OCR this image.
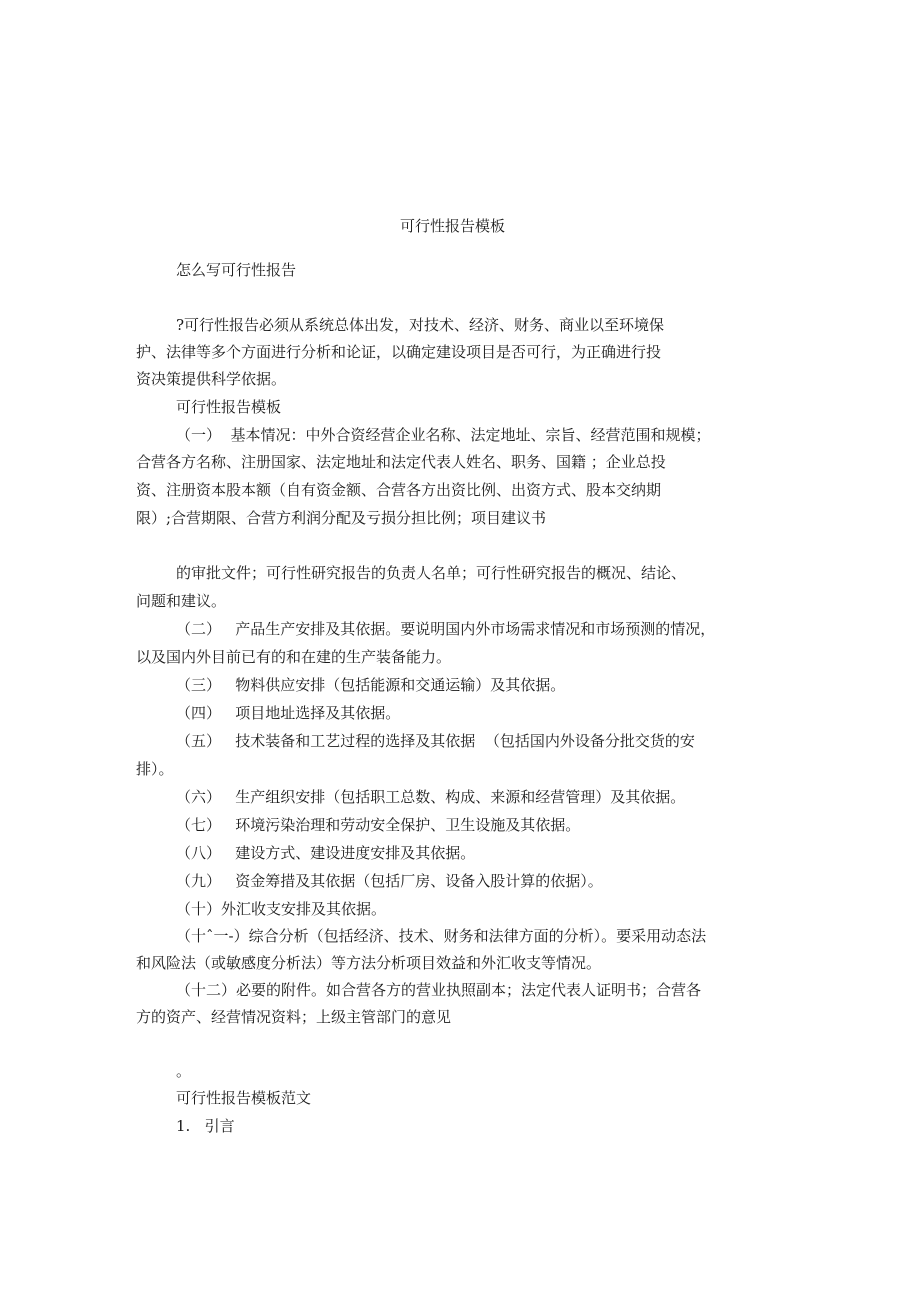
可行性报告模板
怎么写可行性报告
?可行性报告必须从系统总体出发，对技术、经济、财务、商业以至环境保
护、法律等多个方面进行分析和论证，以确定建设项目是否可行，为正确进行投
资决策提供科学依据。
可行性报告模板
（一）  基本情况：中外合资经营企业名称、法定地址、宗旨、经营范围和规模；
合营各方名称、注册国家、法定地址和法定代表人姓名、职务、国籍 ；企业总投
资、注册资本股本额（自有资金额、合营各方出资比例、出资方式、股本交纳期
限）;合营期限、合营方利润分配及亏损分担比例；项目建议书
的审批文件；可行性研究报告的负责人名单；可行性研究报告的概况、结论、
问题和建议。
（二）   产品生产安排及其依据。要说明国内外市场需求情况和市场预测的情况，
以及国内外目前已有的和在建的生产装备能力。
（三）   物料供应安排（包括能源和交通运输）及其依据。
（四）   项目地址选择及其依据。
（五）   技术装备和工艺过程的选择及其依据  （包括国内外设备分批交货的安
排）。
（六）   生产组织安排（包括职工总数、构成、来源和经营管理）及其依据。
（七）   环境污染治理和劳动安全保护、卫生设施及其依据。
（八）   建设方式、建设进度安排及其依据。
（九）   资金筹措及其依据（包括厂房、设备入股计算的依据）。
（十）外汇收支安排及其依据。
（十ˆ一-）综合分析（包括经济、技术、财务和法律方面的分析）。要采用动态法
和风险法（或敏感度分析法）等方法分析项目效益和外汇收支等情况。
（十二）必要的附件。如合营各方的营业执照副本；法定代表人证明书；合营各
方的资产、经营情况资料；上级主管部门的意见
。
可行性报告模板范文
1.   引言
